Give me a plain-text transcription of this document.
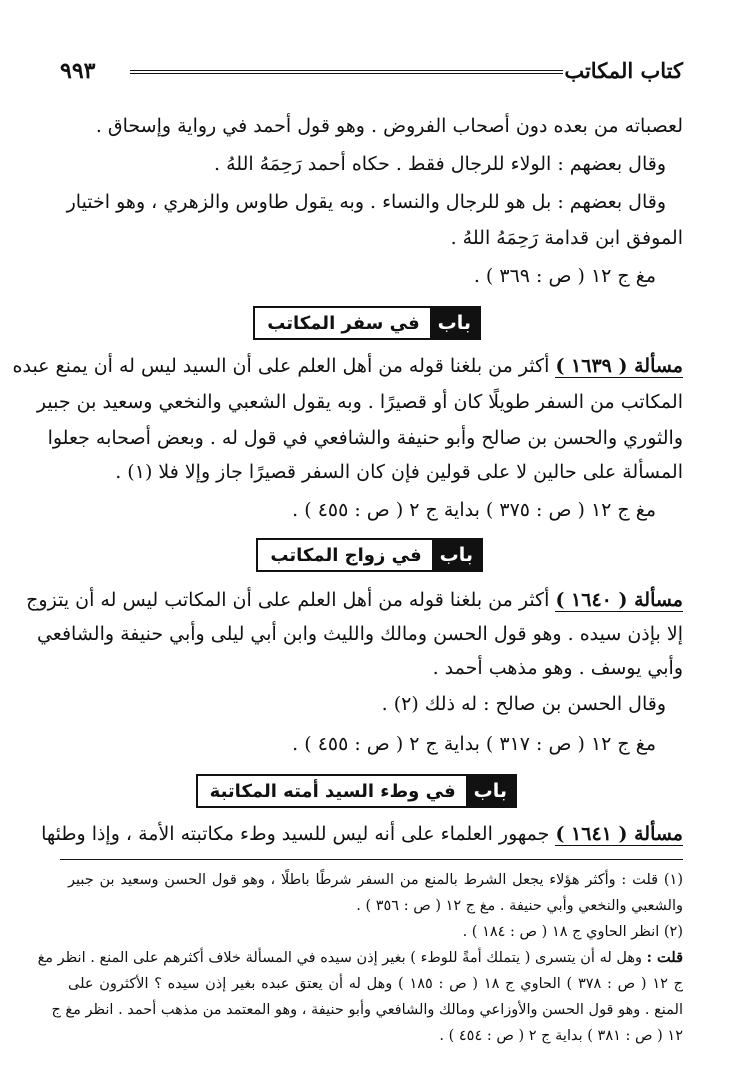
كتاب المكاتب
٩٩٣
لعصباته من بعده دون أصحاب الفروض . وهو قول أحمد في رواية وإسحاق .
وقال بعضهم : الولاء للرجال فقط . حكاه أحمد رَحِمَهُ اللهُ .
وقال بعضهم : بل هو للرجال والنساء . وبه يقول طاوس والزهري ، وهو اختيار
الموفق ابن قدامة رَحِمَهُ اللهُ .
مغ ج ١٢ ( ص : ٣٦٩ ) .
باب
في سفر المكاتب
مسألة ( ١٦٣٩ ) أكثر من بلغنا قوله من أهل العلم على أن السيد ليس له أن يمنع عبده
المكاتب من السفر طويلًا كان أو قصيرًا . وبه يقول الشعبي والنخعي وسعيد بن جبير
والثوري والحسن بن صالح وأبو حنيفة والشافعي في قول له . وبعض أصحابه جعلوا
المسألة على حالين لا على قولين فإن كان السفر قصيرًا جاز وإلا فلا (١) .
مغ ج ١٢ ( ص : ٣٧٥ ) بداية ج ٢ ( ص : ٤٥٥ ) .
باب
في زواج المكاتب
مسألة ( ١٦٤٠ ) أكثر من بلغنا قوله من أهل العلم على أن المكاتب ليس له أن يتزوج
إلا بإذن سيده . وهو قول الحسن ومالك والليث وابن أبي ليلى وأبي حنيفة والشافعي
وأبي يوسف . وهو مذهب أحمد .
وقال الحسن بن صالح : له ذلك (٢) .
مغ ج ١٢ ( ص : ٣١٧ ) بداية ج ٢ ( ص : ٤٥٥ ) .
باب
في وطء السيد أمته المكاتبة
مسألة ( ١٦٤١ ) جمهور العلماء على أنه ليس للسيد وطء مكاتبته الأمة ، وإذا وطئها
(١) قلت : وأكثر هؤلاء يجعل الشرط بالمنع من السفر شرطًا باطلًا ، وهو قول الحسن وسعيد بن جبير
والشعبي والنخعي وأبي حنيفة . مغ ج ١٢ ( ص : ٣٥٦ ) .
(٢) انظر الحاوي ج ١٨ ( ص : ١٨٤ ) .
قلت : وهل له أن يتسرى ( يتملك أمةً للوطء ) بغير إذن سيده في المسألة خلاف أكثرهم على المنع . انظر مغ
ج ١٢ ( ص : ٣٧٨ ) الحاوي ج ١٨ ( ص : ١٨٥ ) وهل له أن يعتق عبده بغير إذن سيده ؟ الأكثرون على
المنع . وهو قول الحسن والأوزاعي ومالك والشافعي وأبو حنيفة ، وهو المعتمد من مذهب أحمد . انظر مغ ج
١٢ ( ص : ٣٨١ ) بداية ج ٢ ( ص : ٤٥٤ ) .
